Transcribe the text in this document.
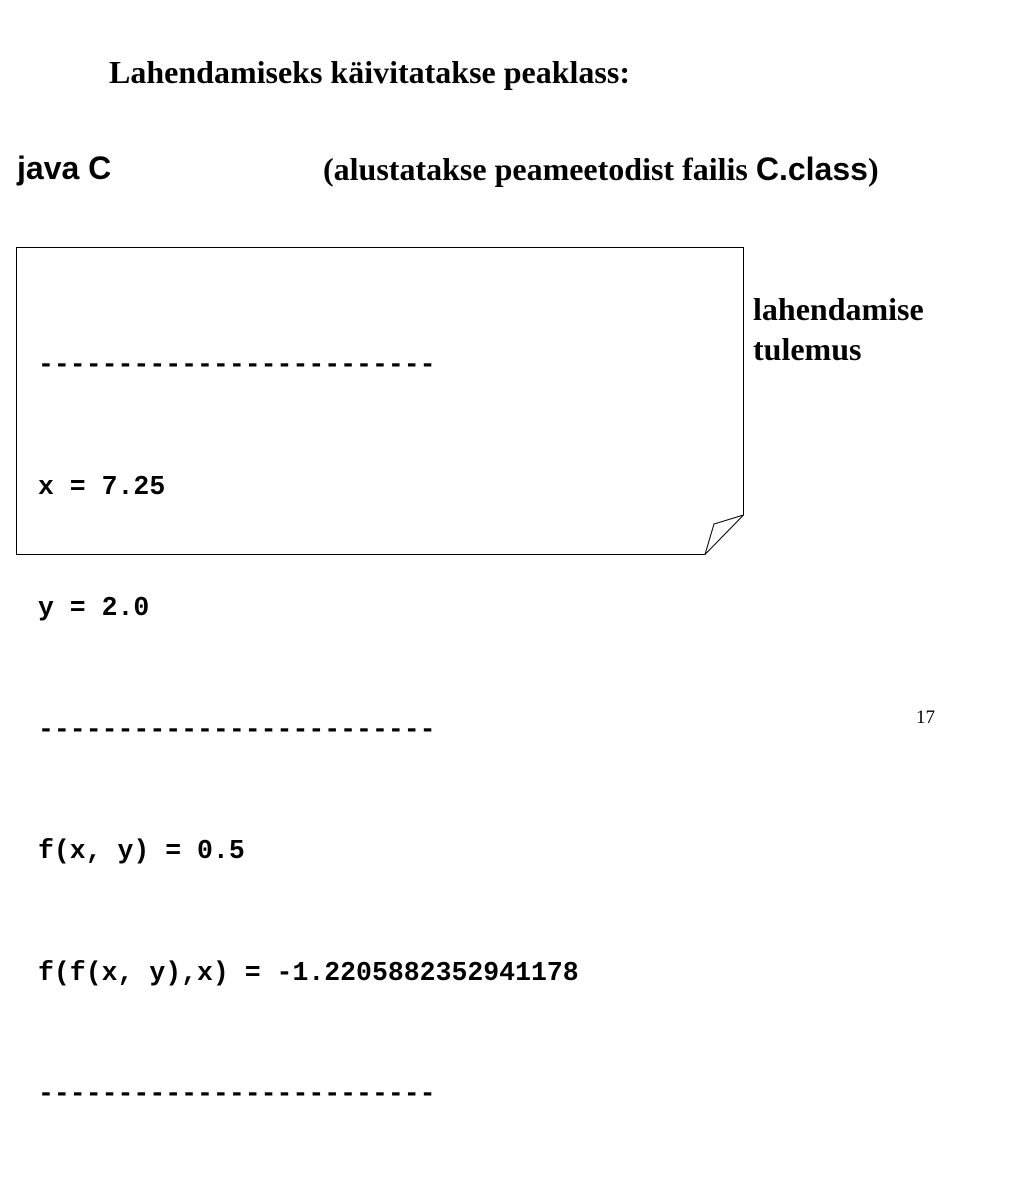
Lahendamiseks käivitatakse peaklass:
java C	(alustatakse peameetodist failis C.class)

-------------------------

x = 7.25

y = 2.0

-------------------------

f(x, y) = 0.5

f(f(x, y),x) = -1.2205882352941178

-------------------------

lahendamise
tulemus
17
